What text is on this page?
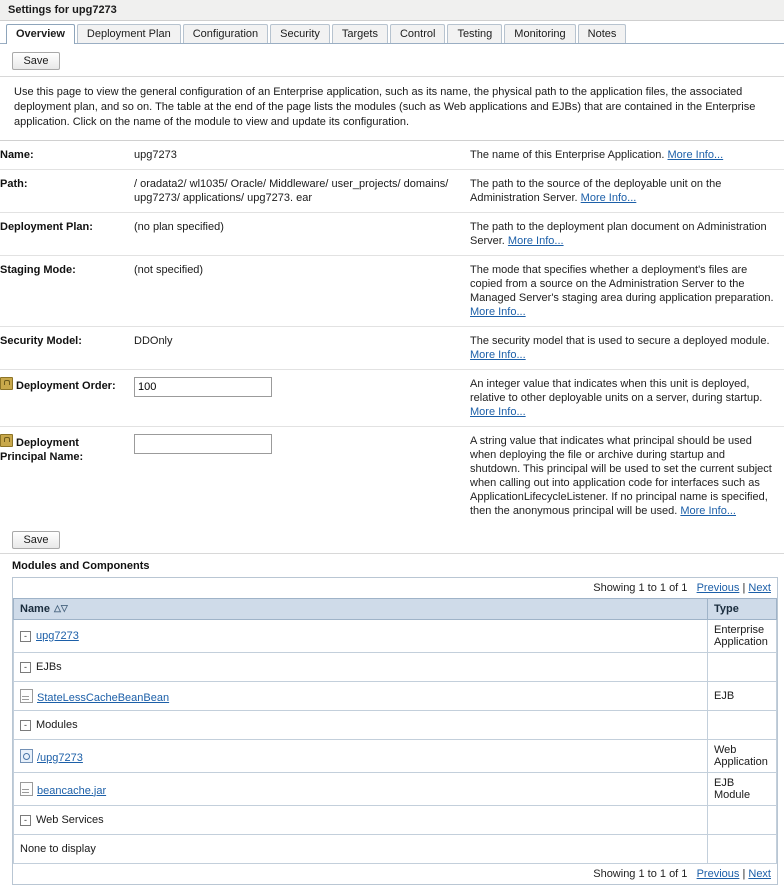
Settings for upg7273
Overview	Deployment Plan	Configuration	Security	Targets	Control	Testing	Monitoring	Notes
Save
Use this page to view the general configuration of an Enterprise application, such as its name, the physical path to the application files, the associated deployment plan, and so on. The table at the end of the page lists the modules (such as Web applications and EJBs) that are contained in the Enterprise application. Click on the name of the module to view and update its configuration.
Name:	upg7273	The name of this Enterprise Application. More Info...
Path:	/ oradata2/ wl1035/ Oracle/ Middleware/ user_projects/ domains/ upg7273/ applications/ upg7273. ear	The path to the source of the deployable unit on the Administration Server. More Info...
Deployment Plan:	(no plan specified)	The path to the deployment plan document on Administration Server. More Info...
Staging Mode:	(not specified)	The mode that specifies whether a deployment's files are copied from a source on the Administration Server to the Managed Server's staging area during application preparation. More Info...
Security Model:	DDOnly	The security model that is used to secure a deployed module. More Info...
Deployment Order:	100	An integer value that indicates when this unit is deployed, relative to other deployable units on a server, during startup. More Info...
Deployment Principal Name:		A string value that indicates what principal should be used when deploying the file or archive during startup and shutdown. This principal will be used to set the current subject when calling out into application code for interfaces such as ApplicationLifecycleListener. If no principal name is specified, then the anonymous principal will be used. More Info...
Save
Modules and Components
Showing 1 to 1 of 1 Previous | Next
Name △▽	Type
- upg7273	Enterprise Application
- EJBs	
StateLessCacheBeanBean	EJB
- Modules	
/upg7273	Web Application
beancache.jar	EJB Module
- Web Services	
None to display	
Showing 1 to 1 of 1 Previous | Next
